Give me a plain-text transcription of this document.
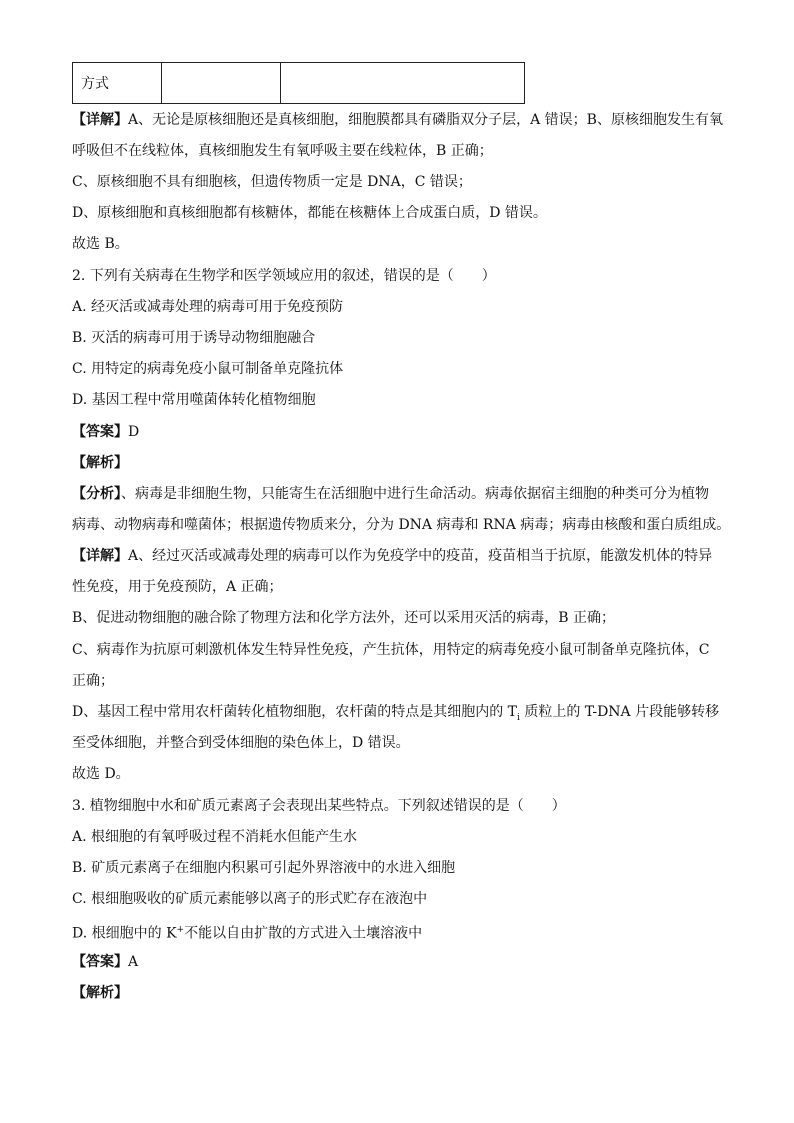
方式		
【详解】A、无论是原核细胞还是真核细胞，细胞膜都具有磷脂双分子层，A 错误；B、原核细胞发生有氧
呼吸但不在线粒体，真核细胞发生有氧呼吸主要在线粒体，B 正确；
C、原核细胞不具有细胞核，但遗传物质一定是 DNA，C 错误；
D、原核细胞和真核细胞都有核糖体，都能在核糖体上合成蛋白质，D 错误。
故选 B。
2. 下列有关病毒在生物学和医学领域应用的叙述，错误的是（　　）
A. 经灭活或减毒处理的病毒可用于免疫预防
B. 灭活的病毒可用于诱导动物细胞融合
C. 用特定的病毒免疫小鼠可制备单克隆抗体
D. 基因工程中常用噬菌体转化植物细胞
【答案】D
【解析】
【分析】、病毒是非细胞生物，只能寄生在活细胞中进行生命活动。病毒依据宿主细胞的种类可分为植物
病毒、动物病毒和噬菌体；根据遗传物质来分，分为 DNA 病毒和 RNA 病毒；病毒由核酸和蛋白质组成。
【详解】A、经过灭活或减毒处理的病毒可以作为免疫学中的疫苗，疫苗相当于抗原，能激发机体的特异
性免疫，用于免疫预防，A 正确；
B、促进动物细胞的融合除了物理方法和化学方法外，还可以采用灭活的病毒，B 正确；
C、病毒作为抗原可刺激机体发生特异性免疫，产生抗体，用特定的病毒免疫小鼠可制备单克隆抗体，C
正确；
D、基因工程中常用农杆菌转化植物细胞，农杆菌的特点是其细胞内的 $T_i$ 质粒上的 T-DNA 片段能够转移
至受体细胞，并整合到受体细胞的染色体上，D 错误。
故选 D。
3. 植物细胞中水和矿质元素离子会表现出某些特点。下列叙述错误的是（　　）
A. 根细胞的有氧呼吸过程不消耗水但能产生水
B. 矿质元素离子在细胞内积累可引起外界溶液中的水进入细胞
C. 根细胞吸收的矿质元素能够以离子的形式贮存在液泡中
D. 根细胞中的 K+不能以自由扩散的方式进入土壤溶液中
【答案】A
【解析】
